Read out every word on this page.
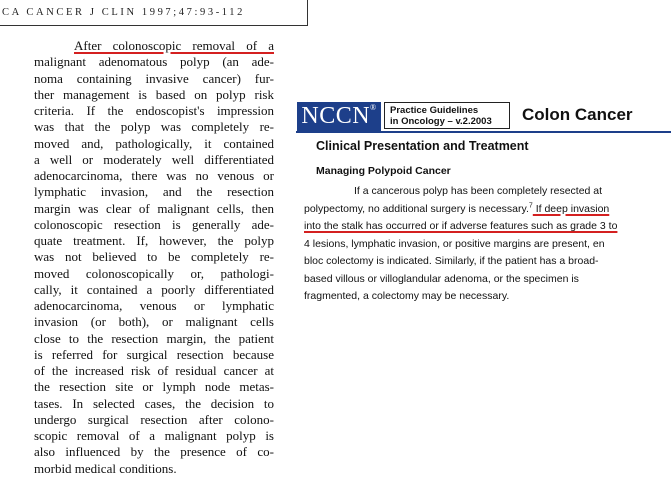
CA CANCER J CLIN 1997;47:93-112
After colonoscopic removal of a
malignant adenomatous polyp (an ade-
noma containing invasive cancer) fur-
ther management is based on polyp risk
criteria. If the endoscopist's impression
was that the polyp was completely re-
moved and, pathologically, it contained
a well or moderately well differentiated
adenocarcinoma, there was no venous or
lymphatic invasion, and the resection
margin was clear of malignant cells, then
colonoscopic resection is generally ade-
quate treatment. If, however, the polyp
was not believed to be completely re-
moved colonoscopically or, pathologi-
cally, it contained a poorly differentiated
adenocarcinoma, venous or lymphatic
invasion (or both), or malignant cells
close to the resection margin, the patient
is referred for surgical resection because
of the increased risk of residual cancer at
the resection site or lymph node metas-
tases. In selected cases, the decision to
undergo surgical resection after colono-
scopic removal of a malignant polyp is
also influenced by the presence of co-
morbid medical conditions.
NCCN®	Practice Guidelines
in Oncology – v.2.2003	Colon Cancer
Clinical Presentation and Treatment
Managing Polypoid Cancer
If a cancerous polyp has been completely resected at
polypectomy, no additional surgery is necessary.$^7$ If deep invasion
into the stalk has occurred or if adverse features such as grade 3 to
4 lesions, lymphatic invasion, or positive margins are present, en
bloc colectomy is indicated. Similarly, if the patient has a broad-
based villous or villoglandular adenoma, or the specimen is
fragmented, a colectomy may be necessary.
